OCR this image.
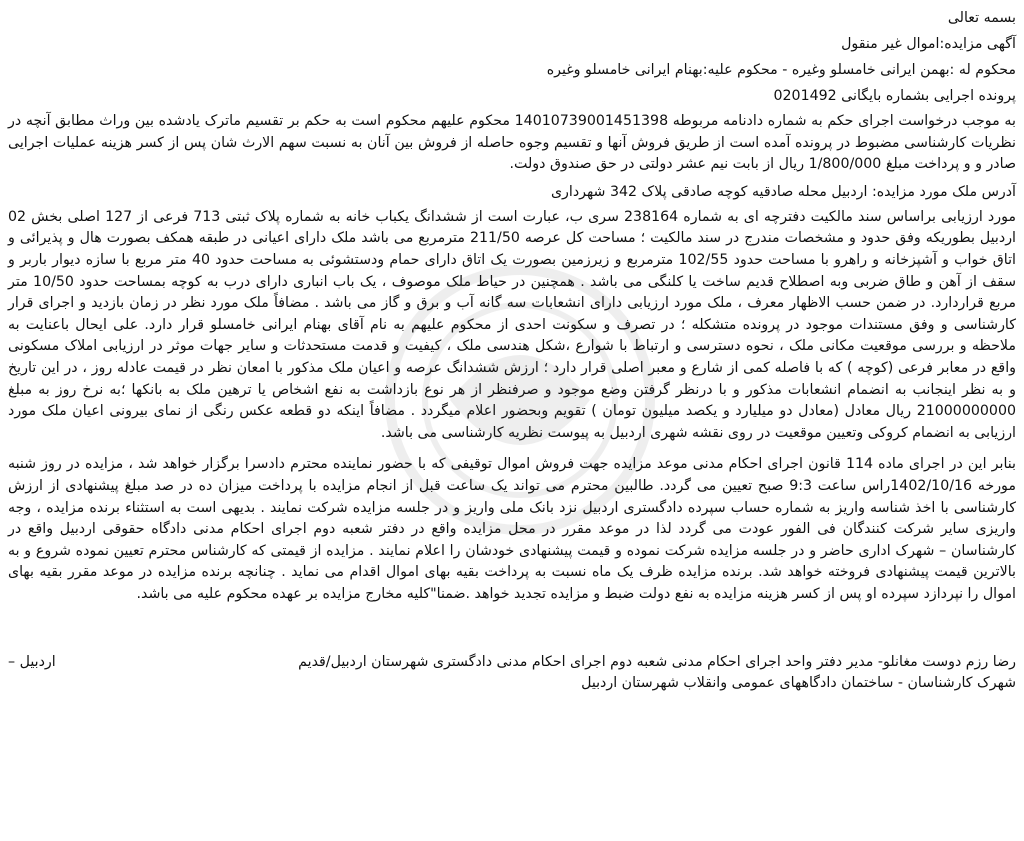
بسمه تعالی
آگهی مزایده:اموال غیر منقول
محکوم له :بهمن ایرانی خامسلو وغیره - محکوم علیه:بهنام ایرانی خامسلو وغیره
پرونده اجرایی بشماره بایگانی 0201492
به موجب درخواست اجرای حکم به شماره دادنامه مربوطه 14010739001451398 محکوم علیهم محکوم است به حکم بر تقسیم ماترک یادشده بین وراث مطابق آنچه در نظریات کارشناسی مضبوط در پرونده آمده است از طریق فروش آنها و تقسیم وجوه حاصله از فروش بین آنان به نسبت سهم الارث شان پس از کسر هزینه عملیات اجرایی صادر و و پرداخت مبلغ 1/800/000 ریال از بابت نیم عشر دولتی در حق صندوق دولت.
آدرس ملک مورد مزایده: اردبیل محله صادقیه کوچه صادقی پلاک 342 شهرداری
مورد ارزیابی براساس سند مالکیت دفترچه ای به شماره 238164 سری ب، عبارت است از ششدانگ یکباب خانه به شماره پلاک ثبتی 713 فرعی از 127 اصلی بخش 02 اردبیل بطوریکه وفق حدود و مشخصات مندرج در سند مالکیت ؛ مساحت کل عرصه 211/50 مترمربع می باشد ملک دارای اعیانی در طبقه همکف بصورت هال و پذیرائی و اتاق خواب و آشپزخانه و راهرو با مساحت حدود 102/55 مترمربع و زیرزمین بصورت یک اتاق دارای حمام ودستشوئی به مساحت حدود 40 متر مربع با سازه دیوار باربر و سقف از آهن و طاق ضربی وبه اصطلاح قدیم ساخت یا کلنگی می باشد . همچنین در حیاط ملک موصوف ، یک باب انباری دارای درب به کوچه بمساحت حدود 10/50 متر مربع قراردارد. در ضمن حسب الاظهار معرف ، ملک مورد ارزیابی دارای انشعابات سه گانه آب و برق و گاز می باشد . مضافاً ملک مورد نظر در زمان بازدید و اجرای قرار کارشناسی و وفق مستندات موجود در پرونده متشکله ؛ در تصرف و سکونت احدی از محکوم علیهم به نام آقای بهنام ایرانی خامسلو قرار دارد. علی ایحال باعنایت به ملاحظه و بررسی موقعیت مکانی ملک ، نحوه دسترسی و ارتباط با شوارع ،شکل هندسی ملک ، کیفیت و قدمت مستحدثات و سایر جهات موثر در ارزیابی املاک مسکونی واقع در معابر فرعی (کوچه ) که با فاصله کمی از شارع و معبر اصلی قرار دارد ؛ ارزش ششدانگ عرصه و اعیان ملک مذکور با امعان نظر در قیمت عادله روز ، در این تاریخ و به نظر اینجانب به انضمام انشعابات مذکور و با درنظر گرفتن وضع موجود و صرفنظر از هر نوع بازداشت به نفع اشخاص یا ترهین ملک به بانکها ؛به نرخ روز به مبلغ 21000000000 ریال معادل (معادل دو میلیارد و یکصد میلیون تومان ) تقویم وبحضور اعلام میگردد . مضافاً اینکه دو قطعه عکس رنگی از نمای بیرونی اعیان ملک مورد ارزیابی به انضمام کروکی وتعیین موقعیت در روی نقشه شهری اردبیل به پیوست نظریه کارشناسی می باشد.
بنابر این در اجرای ماده 114 قانون اجرای احکام مدنی موعد مزایده جهت فروش اموال توقیفی که با حضور نماینده محترم دادسرا برگزار خواهد شد ، مزایده در روز شنبه مورخه 1402/10/16راس ساعت 9:3 صبح تعیین می گردد. طالبین محترم می تواند یک ساعت قبل از انجام مزایده با پرداخت میزان ده در صد مبلغ پیشنهادی از ارزش کارشناسی با اخذ شناسه واریز به شماره حساب سپرده دادگستری اردبیل نزد بانک ملی واریز و در جلسه مزایده شرکت نمایند . بدیهی است به استثناء برنده مزایده ، وجه واریزی سایر شرکت کنندگان فی الفور عودت می گردد لذا در موعد مقرر در محل مزایده واقع در دفتر شعبه دوم اجرای احکام مدنی دادگاه حقوقی اردبیل واقع در کارشناسان – شهرک اداری حاضر و در جلسه مزایده شرکت نموده و قیمت پیشنهادی خودشان را اعلام نمایند . مزایده از قیمتی که کارشناس محترم تعیین نموده شروع و به بالاترین قیمت پیشنهادی فروخته خواهد شد. برنده مزایده ظرف یک ماه نسبت به پرداخت بقیه بهای اموال اقدام می نماید . چنانچه برنده مزایده در موعد مقرر بقیه بهای اموال را نپردازد سپرده او پس از کسر هزینه مزایده به نفع دولت ضبط و مزایده تجدید خواهد .ضمنا"کلیه مخارج مزایده بر عهده محکوم علیه می باشد.
رضا رزم دوست مغانلو- مدیر دفتر واحد اجرای احکام مدنی شعبه دوم اجرای احکام مدنی دادگستری شهرستان اردبیل/قدیم
اردبیل –
شهرک کارشناسان - ساختمان دادگاههای عمومی وانقلاب شهرستان اردبیل
